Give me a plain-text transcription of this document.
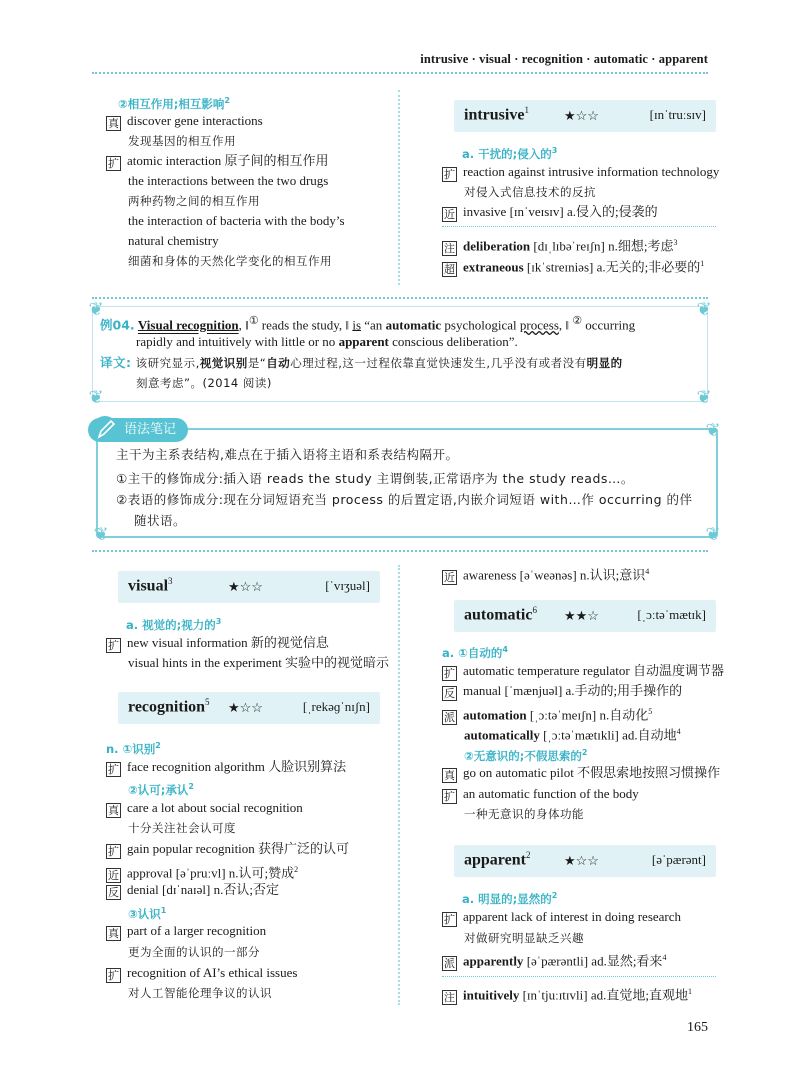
intrusive · visual · recognition · automatic · apparent
②相互作用;相互影响$^2$
真 discover gene interactions
发现基因的相互作用
扩 atomic interaction 原子间的相互作用
the interactions between the two drugs
两种药物之间的相互作用
the interaction of bacteria with the body’s
natural chemistry
细菌和身体的天然化学变化的相互作用
intrusive$^1$	★☆☆	[ɪnˈtruːsɪv]
a. 干扰的;侵入的$^3$
扩 reaction against intrusive information technology
对侵入式信息技术的反抗
近 invasive [ɪnˈveɪsɪv] a.侵入的;侵袭的
注 deliberation [dɪˌlɪbəˈreɪʃn] n.细想;考虑$^3$
超 extraneous [ɪkˈstreɪniəs] a.无关的;非必要的$^1$
❦	❦
❦	❦
例04. Visual recognition, ‖① reads the study, ‖ is “an automatic psychological process, ‖ ② occurring
rapidly and intuitively with little or no apparent conscious deliberation”.
译文: 该研究显示,视觉识别是“自动心理过程,这一过程依靠直觉快速发生,几乎没有或者没有明显的
刻意考虑”。(2014 阅读)
❦
❦	❦
语法笔记
主干为主系表结构,难点在于插入语将主语和系表结构隔开。
①主干的修饰成分:插入语 reads the study 主谓倒装,正常语序为 the study reads…。
②表语的修饰成分:现在分词短语充当 process 的后置定语,内嵌介词短语 with…作 occurring 的伴
随状语。
visual$^3$	★☆☆	[ˈvɪʒuəl]
a. 视觉的;视力的$^3$
扩 new visual information 新的视觉信息
visual hints in the experiment 实验中的视觉暗示
recognition$^5$ ★☆☆	[ˌrekəɡˈnɪʃn]
n. ①识别$^2$
扩 face recognition algorithm 人脸识别算法
②认可;承认$^2$
真 care a lot about social recognition
十分关注社会认可度
扩 gain popular recognition 获得广泛的认可
近 approval [əˈpruːvl] n.认可;赞成$^2$
反 denial [dɪˈnaɪəl] n.否认;否定
③认识$^1$
真 part of a larger recognition
更为全面的认识的一部分
扩 recognition of AI’s ethical issues
对人工智能伦理争议的认识
近 awareness [əˈweənəs] n.认识;意识$^4$
automatic$^6$ ★★☆	[ˌɔːtəˈmætɪk]
a. ①自动的$^4$
扩 automatic temperature regulator 自动温度调节器
反 manual [ˈmænjuəl] a.手动的;用手操作的
派 automation [ˌɔːtəˈmeɪʃn] n.自动化$^5$
automatically [ˌɔːtəˈmætɪkli] ad.自动地$^4$
②无意识的;不假思索的$^2$
真 go on automatic pilot 不假思索地按照习惯操作
扩 an automatic function of the body
一种无意识的身体功能
apparent$^2$	★☆☆	[əˈpærənt]
a. 明显的;显然的$^2$
扩 apparent lack of interest in doing research
对做研究明显缺乏兴趣
派 apparently [əˈpærəntli] ad.显然;看来$^4$
注 intuitively [ɪnˈtjuːɪtɪvli] ad.直觉地;直观地$^1$
165
